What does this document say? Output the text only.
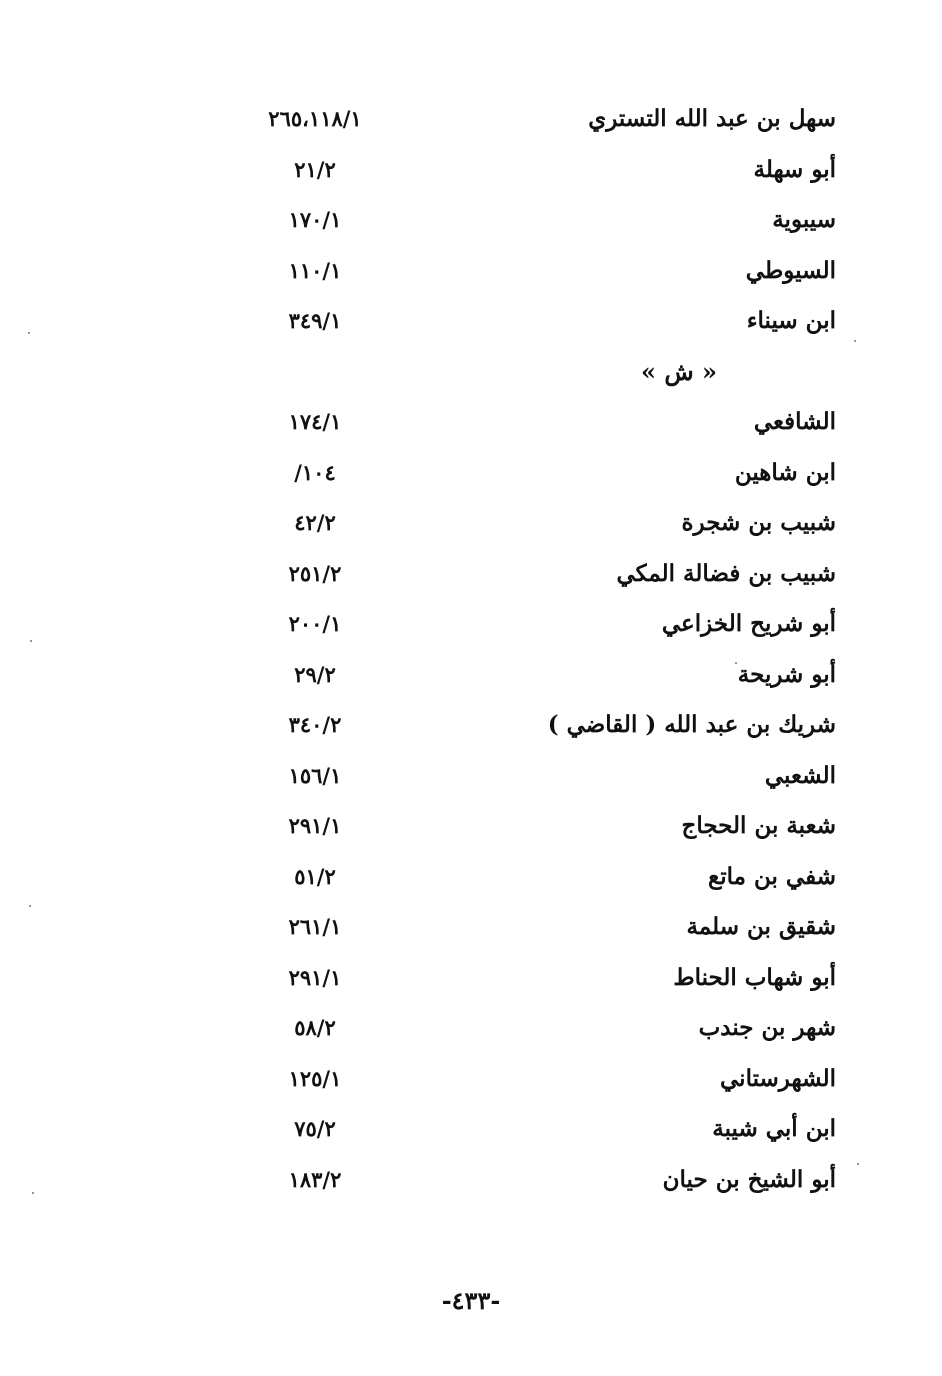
سهل بن عبد الله التستري
٢٦٥،١١٨/١
أبو سهلة
٢١/٢
سيبوية
١٧٠/١
السيوطي
١١٠/١
ابن سيناء
٣٤٩/١
« ش »
الشافعي
١٧٤/١
ابن شاهين
١٠٤/
شبيب بن شجرة
٤٢/٢
شبيب بن فضالة المكي
٢٥١/٢
أبو شريح الخزاعي
٢٠٠/١
أبو شريحة
٢٩/٢
شريك بن عبد الله ( القاضي )
٣٤٠/٢
الشعبي
١٥٦/١
شعبة بن الحجاج
٢٩١/١
شفي بن ماتع
٥١/٢
شقيق بن سلمة
٢٦١/١
أبو شهاب الحناط
٢٩١/١
شهر بن جندب
٥٨/٢
الشهرستاني
١٢٥/١
ابن أبي شيبة
٧٥/٢
أبو الشيخ بن حيان
١٨٣/٢
-٤٣٣-
